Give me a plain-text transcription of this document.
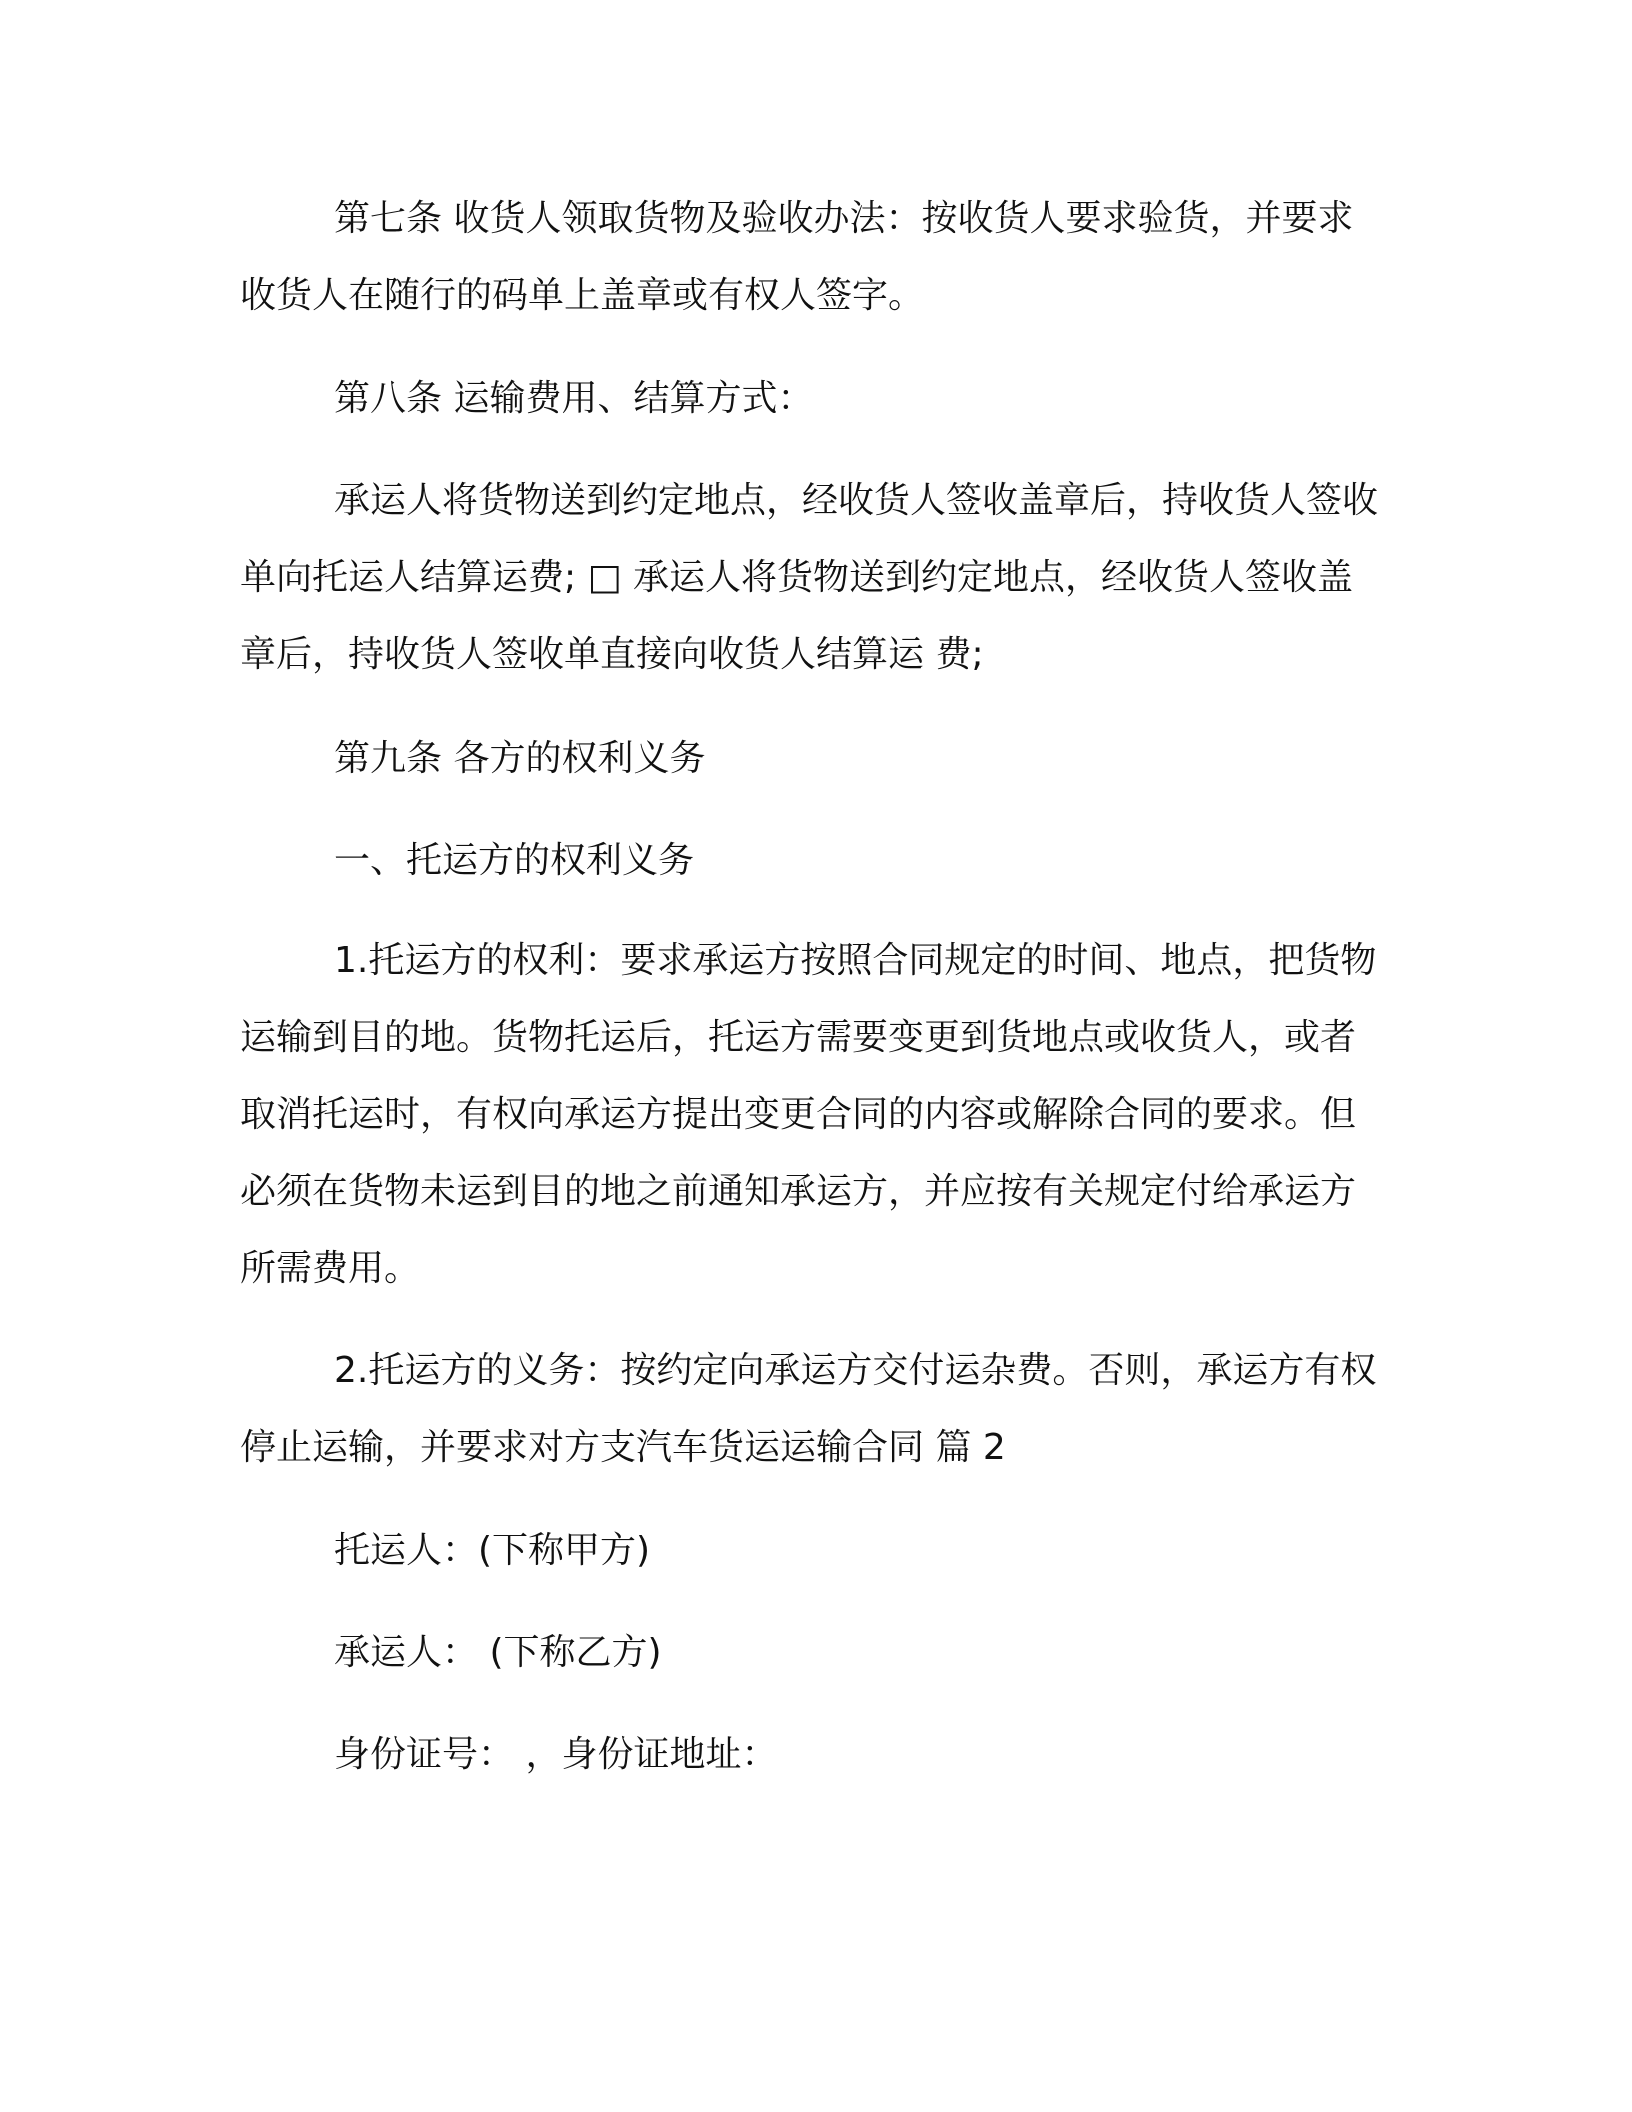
第七条 收货人领取货物及验收办法：按收货人要求验货，并要求收货人在随行的码单上盖章或有权人签字。

第八条 运输费用、结算方式：

承运人将货物送到约定地点，经收货人签收盖章后，持收货人签收单向托运人结算运费; □ 承运人将货物送到约定地点，经收货人签收盖章后，持收货人签收单直接向收货人结算运 费;

第九条 各方的权利义务

一、托运方的权利义务

1.托运方的权利：要求承运方按照合同规定的时间、地点，把货物运输到目的地。货物托运后，托运方需要变更到货地点或收货人，或者取消托运时，有权向承运方提出变更合同的内容或解除合同的要求。但必须在货物未运到目的地之前通知承运方，并应按有关规定付给承运方所需费用。

2.托运方的义务：按约定向承运方交付运杂费。否则，承运方有权停止运输，并要求对方支汽车货运运输合同 篇 2

托运人：(下称甲方)

承运人： (下称乙方)

身份证号： ，身份证地址：
